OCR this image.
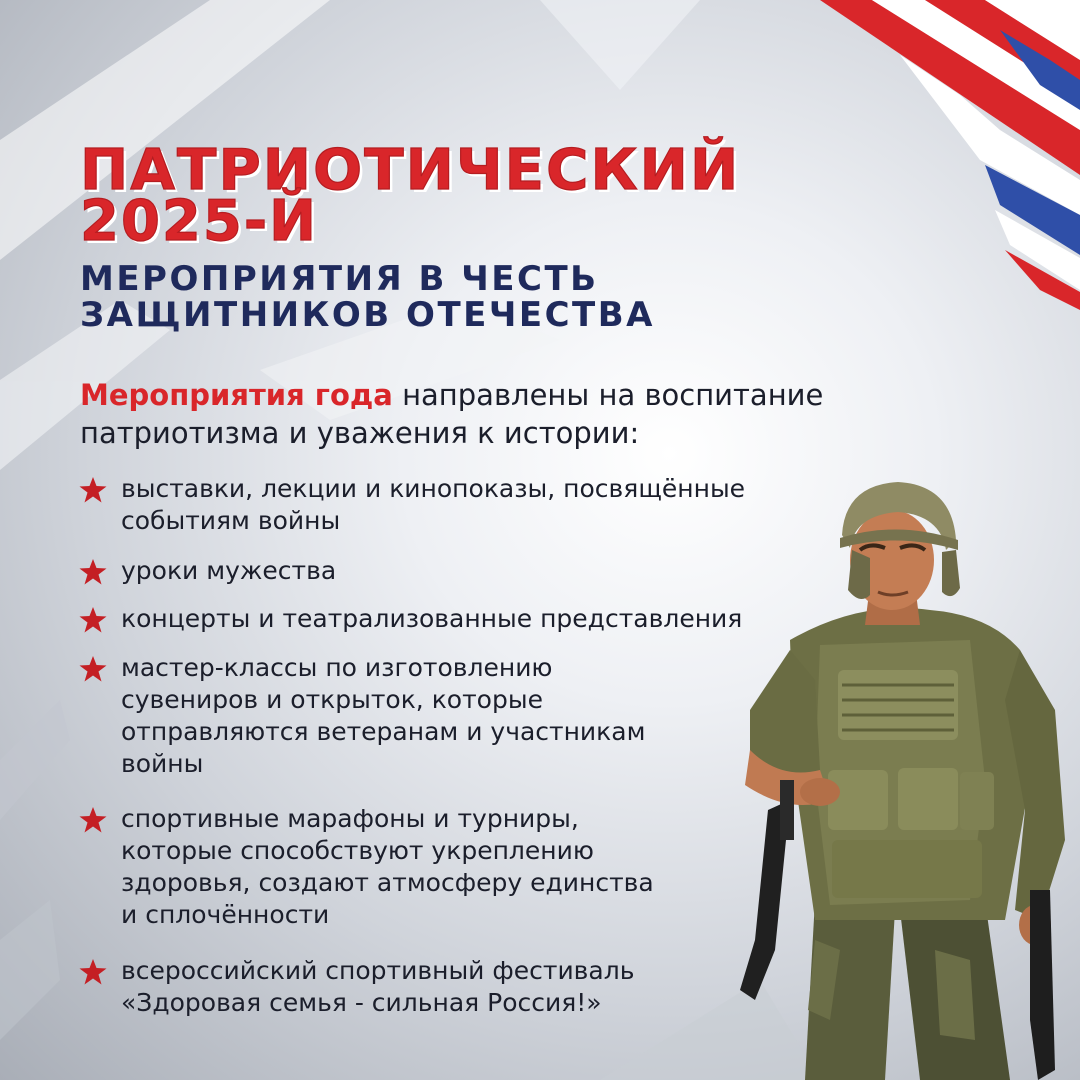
ПАТРИОТИЧЕСКИЙ
2025-Й
МЕРОПРИЯТИЯ В ЧЕСТЬ
ЗАЩИТНИКОВ ОТЕЧЕСТВА

Мероприятия года направлены на воспитание патриотизма и уважения к истории:

выставки, лекции и кинопоказы, посвящённые
событиям войны
уроки мужества
концерты и театрализованные представления
мастер-классы по изготовлению
сувениров и открыток, которые
отправляются ветеранам и участникам
войны
спортивные марафоны и турниры,
которые способствуют укреплению
здоровья, создают атмосферу единства
и сплочённости
всероссийский спортивный фестиваль
«Здоровая семья - сильная Россия!»
